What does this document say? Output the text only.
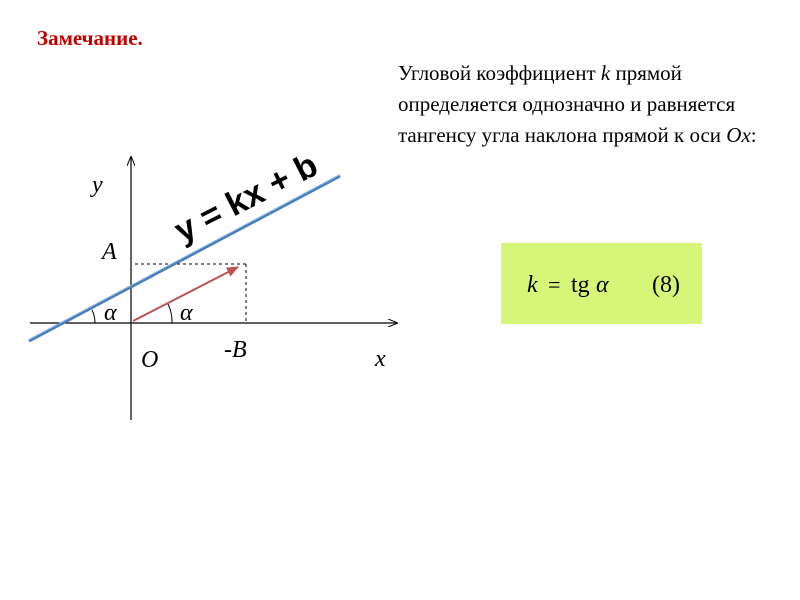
Замечание.
Угловой коэффициент k прямой определяется однозначно и равняется тангенсу угла наклона прямой к оси Ox:
y = kx + b
y
x
O
A
-B
α	α
k = tg α (8)
